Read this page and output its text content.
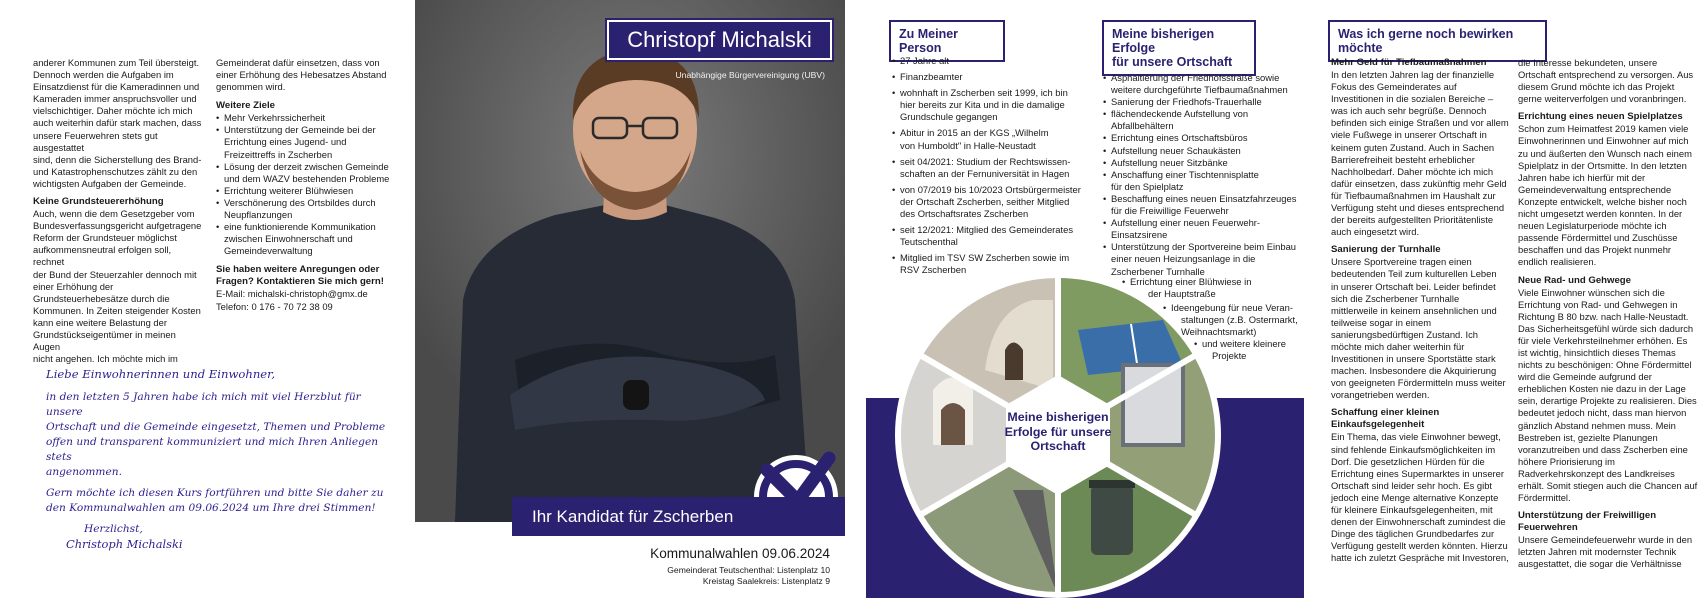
anderer Kommunen zum Teil übersteigt.
Dennoch werden die Aufgaben im
Einsatzdienst für die Kameradinnen und
Kameraden immer anspruchsvoller und
vielschichtiger. Daher möchte ich mich
auch weiterhin dafür stark machen, dass
unsere Feuerwehren stets gut ausgestattet
sind, denn die Sicherstellung des Brand-
und Katastrophenschutzes zählt zu den
wichtigsten Aufgaben der Gemeinde.
Keine Grundsteuererhöhung
Auch, wenn die dem Gesetzgeber vom
Bundesverfassungsgericht aufgetragene
Reform der Grundsteuer möglichst
aufkommensneutral erfolgen soll, rechnet
der Bund der Steuerzahler dennoch mit
einer Erhöhung der
Grundsteuerhebesätze durch die
Kommunen. In Zeiten steigender Kosten
kann eine weitere Belastung der
Grundstückseigentümer in meinen Augen
nicht angehen. Ich möchte mich im
Gemeinderat dafür einsetzen, dass von
einer Erhöhung des Hebesatzes Abstand
genommen wird.
Weitere Ziele
• Mehr Verkehrssicherheit
• Unterstützung der Gemeinde bei der
Errichtung eines Jugend- und
Freizeittreffs in Zscherben
• Lösung der derzeit zwischen Gemeinde
und dem WAZV bestehenden Probleme
• Errichtung weiterer Blühwiesen
• Verschönerung des Ortsbildes durch
Neupflanzungen
• eine funktionierende Kommunikation
zwischen Einwohnerschaft und
Gemeindeverwaltung
Sie haben weitere Anregungen oder
Fragen? Kontaktieren Sie mich gern!
E-Mail: michalski-christoph@gmx.de
Telefon: 0 176 - 70 72 38 09

Liebe Einwohnerinnen und Einwohner,

in den letzten 5 Jahren habe ich mich mit viel Herzblut für unsere
Ortschaft und die Gemeinde eingesetzt, Themen und Probleme
offen und transparent kommuniziert und mich Ihren Anliegen stets
angenommen.

Gern möchte ich diesen Kurs fortführen und bitte Sie daher zu
den Kommunalwahlen am 09.06.2024 um Ihre drei Stimmen!

Herzlichst,

Christoph Michalski

Christopf Michalski
Unabhängige Bürgervereinigung (UBV)
Ihr Kandidat für Zscherben
Kommunalwahlen 09.06.2024
Gemeinderat Teutschenthal: Listenplatz 10
Kreistag Saalekreis: Listenplatz 9
Zu Meiner Person
• 27 Jahre alt
• Finanzbeamter
• wohnhaft in Zscherben seit 1999, ich bin
hier bereits zur Kita und in die damalige
Grundschule gegangen
• Abitur in 2015 an der KGS „Wilhelm
von Humboldt" in Halle-Neustadt
• seit 04/2021: Studium der Rechtswissen-
schaften an der Fernuniversität in Hagen
• von 07/2019 bis 10/2023 Ortsbürgermeister
der Ortschaft Zscherben, seither Mitglied
des Ortschaftsrates Zscherben
• seit 12/2021: Mitglied des Gemeinderates
Teutschenthal
• Mitglied im TSV SW Zscherben sowie im
RSV Zscherben
Meine bisherigen Erfolge
für unsere Ortschaft
• Asphaltierung der Friedhofsstraße sowie
weitere durchgeführte Tiefbaumaßnahmen
• Sanierung der Friedhofs-Trauerhalle
• flächendeckende Aufstellung von
Abfallbehältern
• Errichtung eines Ortschaftsbüros
• Aufstellung neuer Schaukästen
• Aufstellung neuer Sitzbänke
• Anschaffung einer Tischtennisplatte
für den Spielplatz
• Beschaffung eines neuen Einsatzfahrzeuges
für die Freiwillige Feuerwehr
• Aufstellung einer neuen Feuerwehr-
Einsatzsirene
• Unterstützung der Sportvereine beim Einbau
einer neuen Heizungsanlage in die
Zscherbener Turnhalle
Meine bisherigen
Erfolge für unsere
Ortschaft
• Errichtung einer Blühwiese in
der Hauptstraße
• Ideengebung für neue Veran-
staltungen (z.B. Ostermarkt,
Weihnachtsmarkt)
• und weitere kleinere
Projekte
Was ich gerne noch bewirken möchte
Mehr Geld für Tiefbaumaßnahmen
In den letzten Jahren lag der finanzielle
Fokus des Gemeinderates auf
Investitionen in die sozialen Bereiche –
was ich auch sehr begrüße. Dennoch
befinden sich einige Straßen und vor allem
viele Fußwege in unserer Ortschaft in
keinem guten Zustand. Auch in Sachen
Barrierefreiheit besteht erheblicher
Nachholbedarf. Daher möchte ich mich
dafür einsetzen, dass zukünftig mehr Geld
für Tiefbaumaßnahmen im Haushalt zur
Verfügung steht und dieses entsprechend
der bereits aufgestellten Prioritätenliste
auch eingesetzt wird.
Sanierung der Turnhalle
Unsere Sportvereine tragen einen
bedeutenden Teil zum kulturellen Leben
in unserer Ortschaft bei. Leider befindet
sich die Zscherbener Turnhalle
mittlerweile in keinem ansehnlichen und
teilweise sogar in einem
sanierungsbedürftigen Zustand. Ich
möchte mich daher weiterhin für
Investitionen in unsere Sportstätte stark
machen. Insbesondere die Akquirierung
von geeigneten Fördermitteln muss weiter
vorangetrieben werden.
Schaffung einer kleinen
Einkaufsgelegenheit
Ein Thema, das viele Einwohner bewegt,
sind fehlende Einkaufsmöglichkeiten im
Dorf. Die gesetzlichen Hürden für die
Errichtung eines Supermarktes in unserer
Ortschaft sind leider sehr hoch. Es gibt
jedoch eine Menge alternative Konzepte
für kleinere Einkaufsgelegenheiten, mit
denen der Einwohnerschaft zumindest die
Dinge des täglichen Grundbedarfes zur
Verfügung gestellt werden könnten. Hierzu
hatte ich zuletzt Gespräche mit Investoren,
die Interesse bekundeten, unsere
Ortschaft entsprechend zu versorgen. Aus
diesem Grund möchte ich das Projekt
gerne weiterverfolgen und voranbringen.
Errichtung eines neuen Spielplatzes
Schon zum Heimatfest 2019 kamen viele
Einwohnerinnen und Einwohner auf mich
zu und äußerten den Wunsch nach einem
Spielplatz in der Ortsmitte. In den letzten
Jahren habe ich hierfür mit der
Gemeindeverwaltung entsprechende
Konzepte entwickelt, welche bisher noch
nicht umgesetzt werden konnten. In der
neuen Legislaturperiode möchte ich
passende Fördermittel und Zuschüsse
beschaffen und das Projekt nunmehr
endlich realisieren.
Neue Rad- und Gehwege
Viele Einwohner wünschen sich die
Errichtung von Rad- und Gehwegen in
Richtung B 80 bzw. nach Halle-Neustadt.
Das Sicherheitsgefühl würde sich dadurch
für viele Verkehrsteilnehmer erhöhen. Es
ist wichtig, hinsichtlich dieses Themas
nichts zu beschönigen: Ohne Fördermittel
wird die Gemeinde aufgrund der
erheblichen Kosten nie dazu in der Lage
sein, derartige Projekte zu realisieren. Dies
bedeutet jedoch nicht, dass man hiervon
gänzlich Abstand nehmen muss. Mein
Bestreben ist, gezielte Planungen
voranzutreiben und dass Zscherben eine
höhere Priorisierung im
Radverkehrskonzept des Landkreises
erhält. Somit stiegen auch die Chancen auf
Fördermittel.
Unterstützung der Freiwilligen
Feuerwehren
Unsere Gemeindefeuerwehr wurde in den
letzten Jahren mit modernster Technik
ausgestattet, die sogar die Verhältnisse
